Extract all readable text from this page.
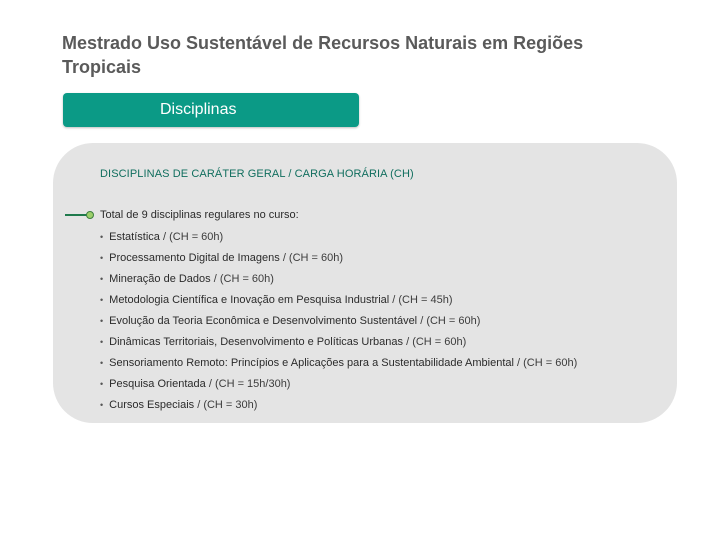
Mestrado Uso Sustentável de Recursos Naturais em Regiões Tropicais
Disciplinas
DISCIPLINAS DE CARÁTER GERAL / CARGA HORÁRIA (CH)
Total de 9 disciplinas regulares no curso:
• Estatística / (CH = 60h)
• Processamento Digital de Imagens / (CH = 60h)
• Mineração de Dados / (CH = 60h)
• Metodologia Científica e Inovação em Pesquisa Industrial / (CH = 45h)
• Evolução da Teoria Econômica e Desenvolvimento Sustentável / (CH = 60h)
• Dinâmicas Territoriais, Desenvolvimento e Políticas Urbanas / (CH = 60h)
• Sensoriamento Remoto: Princípios e Aplicações para a Sustentabilidade Ambiental / (CH = 60h)
• Pesquisa Orientada / (CH = 15h/30h)
• Cursos Especiais / (CH = 30h)
